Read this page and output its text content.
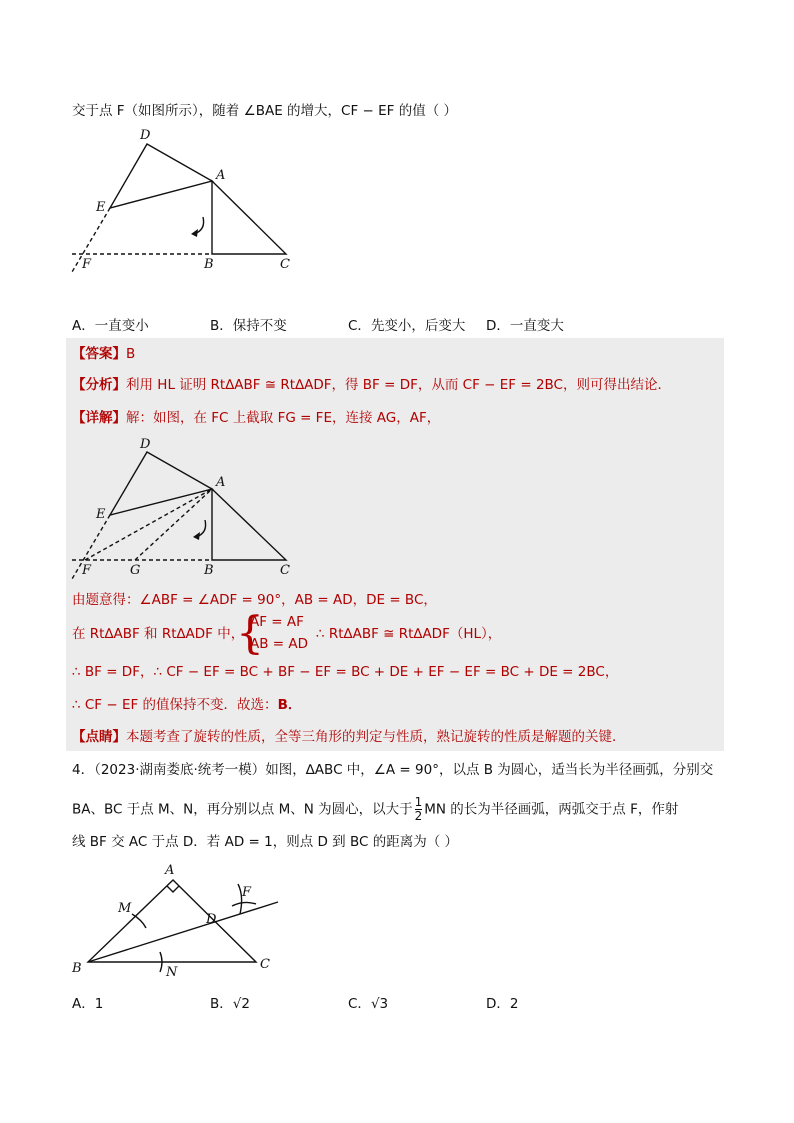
交于点 F（如图所示），随着 ∠BAE 的增大，CF − EF 的值（ ）
D
A
E
F	B	C
A．一直变小	B．保持不变	C．先变小，后变大 D．一直变大
【答案】B
【分析】利用 HL 证明 Rt∆ABF ≅ Rt∆ADF，得 BF = DF，从而 CF − EF = 2BC，则可得出结论．
【详解】解：如图，在 FC 上截取 FG = FE，连接 AG，AF，
D
A
E
F	G	B	C
由题意得：∠ABF = ∠ADF = 90°，AB = AD，DE = BC，
在 Rt∆ABF 和 Rt∆ADF 中，
{
AF = AF
AB = AD
∴ Rt∆ABF ≅ Rt∆ADF（HL），
∴ BF = DF，∴ CF − EF = BC + BF − EF = BC + DE + EF − EF = BC + DE = 2BC，
∴ CF − EF 的值保持不变．故选：B．
【点睛】本题考查了旋转的性质，全等三角形的判定与性质，熟记旋转的性质是解题的关键．
4．（2023·湖南娄底·统考一模）如图，∆ABC 中，∠A = 90°，以点 B 为圆心，适当长为半径画弧，分别交
BA、BC 于点 M、N，再分别以点 M、N 为圆心，以大于 $\frac{1}{2}$ MN 的长为半径画弧，两弧交于点 F，作射
线 BF 交 AC 于点 D．若 AD = 1，则点 D 到 BC 的距离为（ ）
A
M
D
F
B	N
C
A．1	B．√2	C．√3	D．2
